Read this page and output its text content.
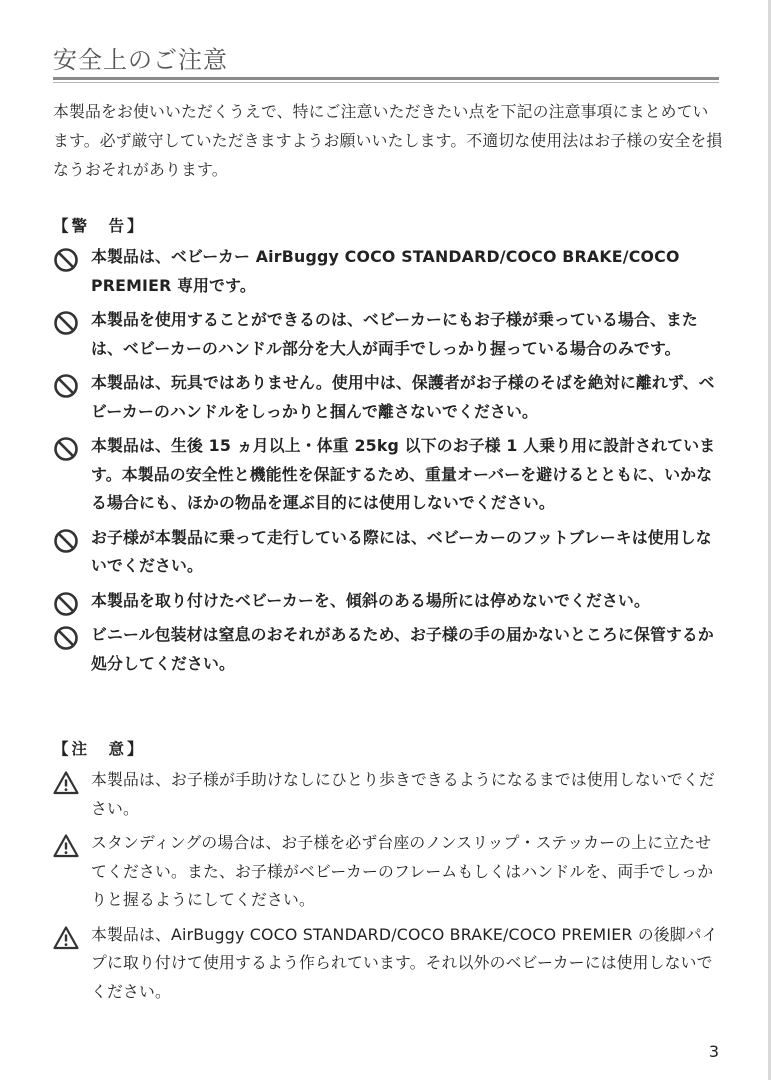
安全上のご注意

本製品をお使いいただくうえで、特にご注意いただきたい点を下記の注意事項にまとめています。必ず厳守していただきますようお願いいたします。不適切な使用法はお子様の安全を損なうおそれがあります。

【警　告】

本製品は、ベビーカー AirBuggy COCO STANDARD/COCO BRAKE/COCO PREMIER 専用です。
本製品を使用することができるのは、ベビーカーにもお子様が乗っている場合、または、ベビーカーのハンドル部分を大人が両手でしっかり握っている場合のみです。
本製品は、玩具ではありません。使用中は、保護者がお子様のそばを絶対に離れず、ベビーカーのハンドルをしっかりと掴んで離さないでください。
本製品は、生後 15 ヵ月以上・体重 25kg 以下のお子様 1 人乗り用に設計されています。本製品の安全性と機能性を保証するため、重量オーバーを避けるとともに、いかなる場合にも、ほかの物品を運ぶ目的には使用しないでください。
お子様が本製品に乗って走行している際には、ベビーカーのフットブレーキは使用しないでください。
本製品を取り付けたベビーカーを、傾斜のある場所には停めないでください。
ビニール包装材は窒息のおそれがあるため、お子様の手の届かないところに保管するか処分してください。

【注　意】

本製品は、お子様が手助けなしにひとり歩きできるようになるまでは使用しないでください。
スタンディングの場合は、お子様を必ず台座のノンスリップ・ステッカーの上に立たせてください。また、お子様がベビーカーのフレームもしくはハンドルを、両手でしっかりと握るようにしてください。
本製品は、AirBuggy COCO STANDARD/COCO BRAKE/COCO PREMIER の後脚パイプに取り付けて使用するよう作られています。それ以外のベビーカーには使用しないでください。

3
